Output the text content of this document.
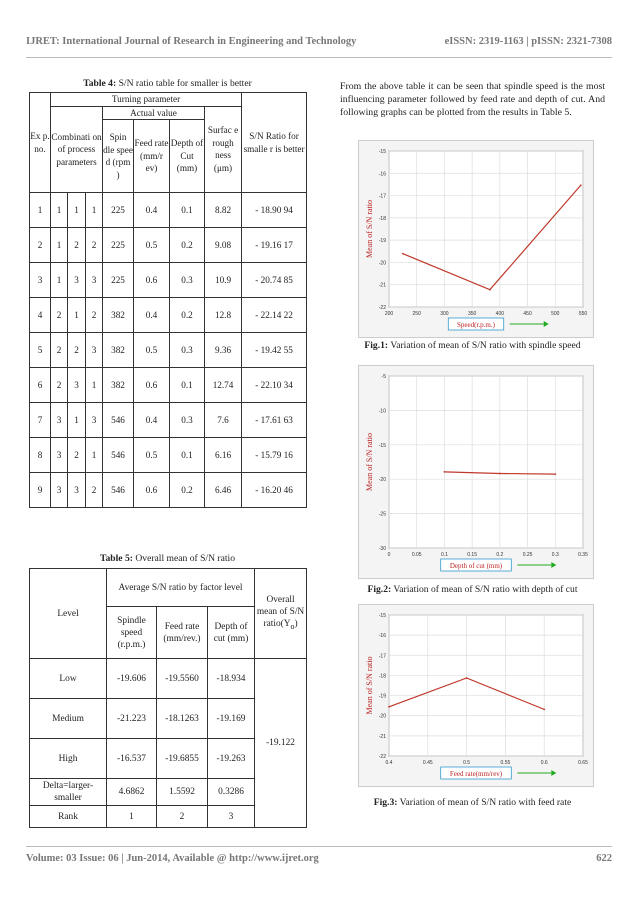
IJRET: International Journal of Research in Engineering and Technology	eISSN: 2319-1163 | pISSN: 2321-7308
Table 4: S/N ratio table for smaller is better
Ex p. no.	Turning parameter							S/N Ratio for smalle r is better
	Combinati on of process parameters			Actual value			Surfac e rough ness (μm)	
				Spin dle spee d (rpm )	Feed rate (mm/r ev)	Depth of Cut (mm)		
1	1	1	1	225	0.4	0.1	8.82	- 18.90 94
2	1	2	2	225	0.5	0.2	9.08	- 19.16 17
3	1	3	3	225	0.6	0.3	10.9	- 20.74 85
4	2	1	2	382	0.4	0.2	12.8	- 22.14 22
5	2	2	3	382	0.5	0.3	9.36	- 19.42 55
6	2	3	1	382	0.6	0.1	12.74	- 22.10 34
7	3	1	3	546	0.4	0.3	7.6	- 17.61 63
8	3	2	1	546	0.5	0.1	6.16	- 15.79 16
9	3	3	2	546	0.6	0.2	6.46	- 16.20 46
Table 5: Overall mean of S/N ratio
Level	Average S/N ratio by factor level			Overall mean of S/N $ratio(Y_o)$
	Spindle speed (r.p.m.)	Feed rate (mm/rev.)	Depth of cut (mm)	
Low	-19.606	-19.5560	-18.934	-19.122
Medium	-21.223	-18.1263	-19.169	
High	-16.537	-19.6855	-19.263	
Delta=larger-smaller	4.6862	1.5592	0.3286	
Rank	1	2	3	
From the above table it can be seen that spindle speed is the most influencing parameter followed by feed rate and depth of cut. And following graphs can be plotted from the results in Table 5.
200	250	300	350	400	450	500	550
-15
-16
-17
-18
-19
-20
-21
-22
Mean of S/N ratio
Speed(r.p.m.)
Fig.1: Variation of mean of S/N ratio with spindle speed
0	0.05	0.1	0.15	0.2	0.25	0.3	0.35
-5
-10
-15
-20
-25
-30
Mean of S/N ratio
Depth of cut (mm)
Fig.2: Variation of mean of S/N ratio with depth of cut
0.4	0.45	0.5	0.55	0.6	0.65
-15
-16
-17
-18
-19
-20
-21
-22
Mean of S/N ratio
Feed rate(mm/rev)
Fig.3: Variation of mean of S/N ratio with feed rate
Volume: 03 Issue: 06 | Jun-2014, Available @ http://www.ijret.org	622
